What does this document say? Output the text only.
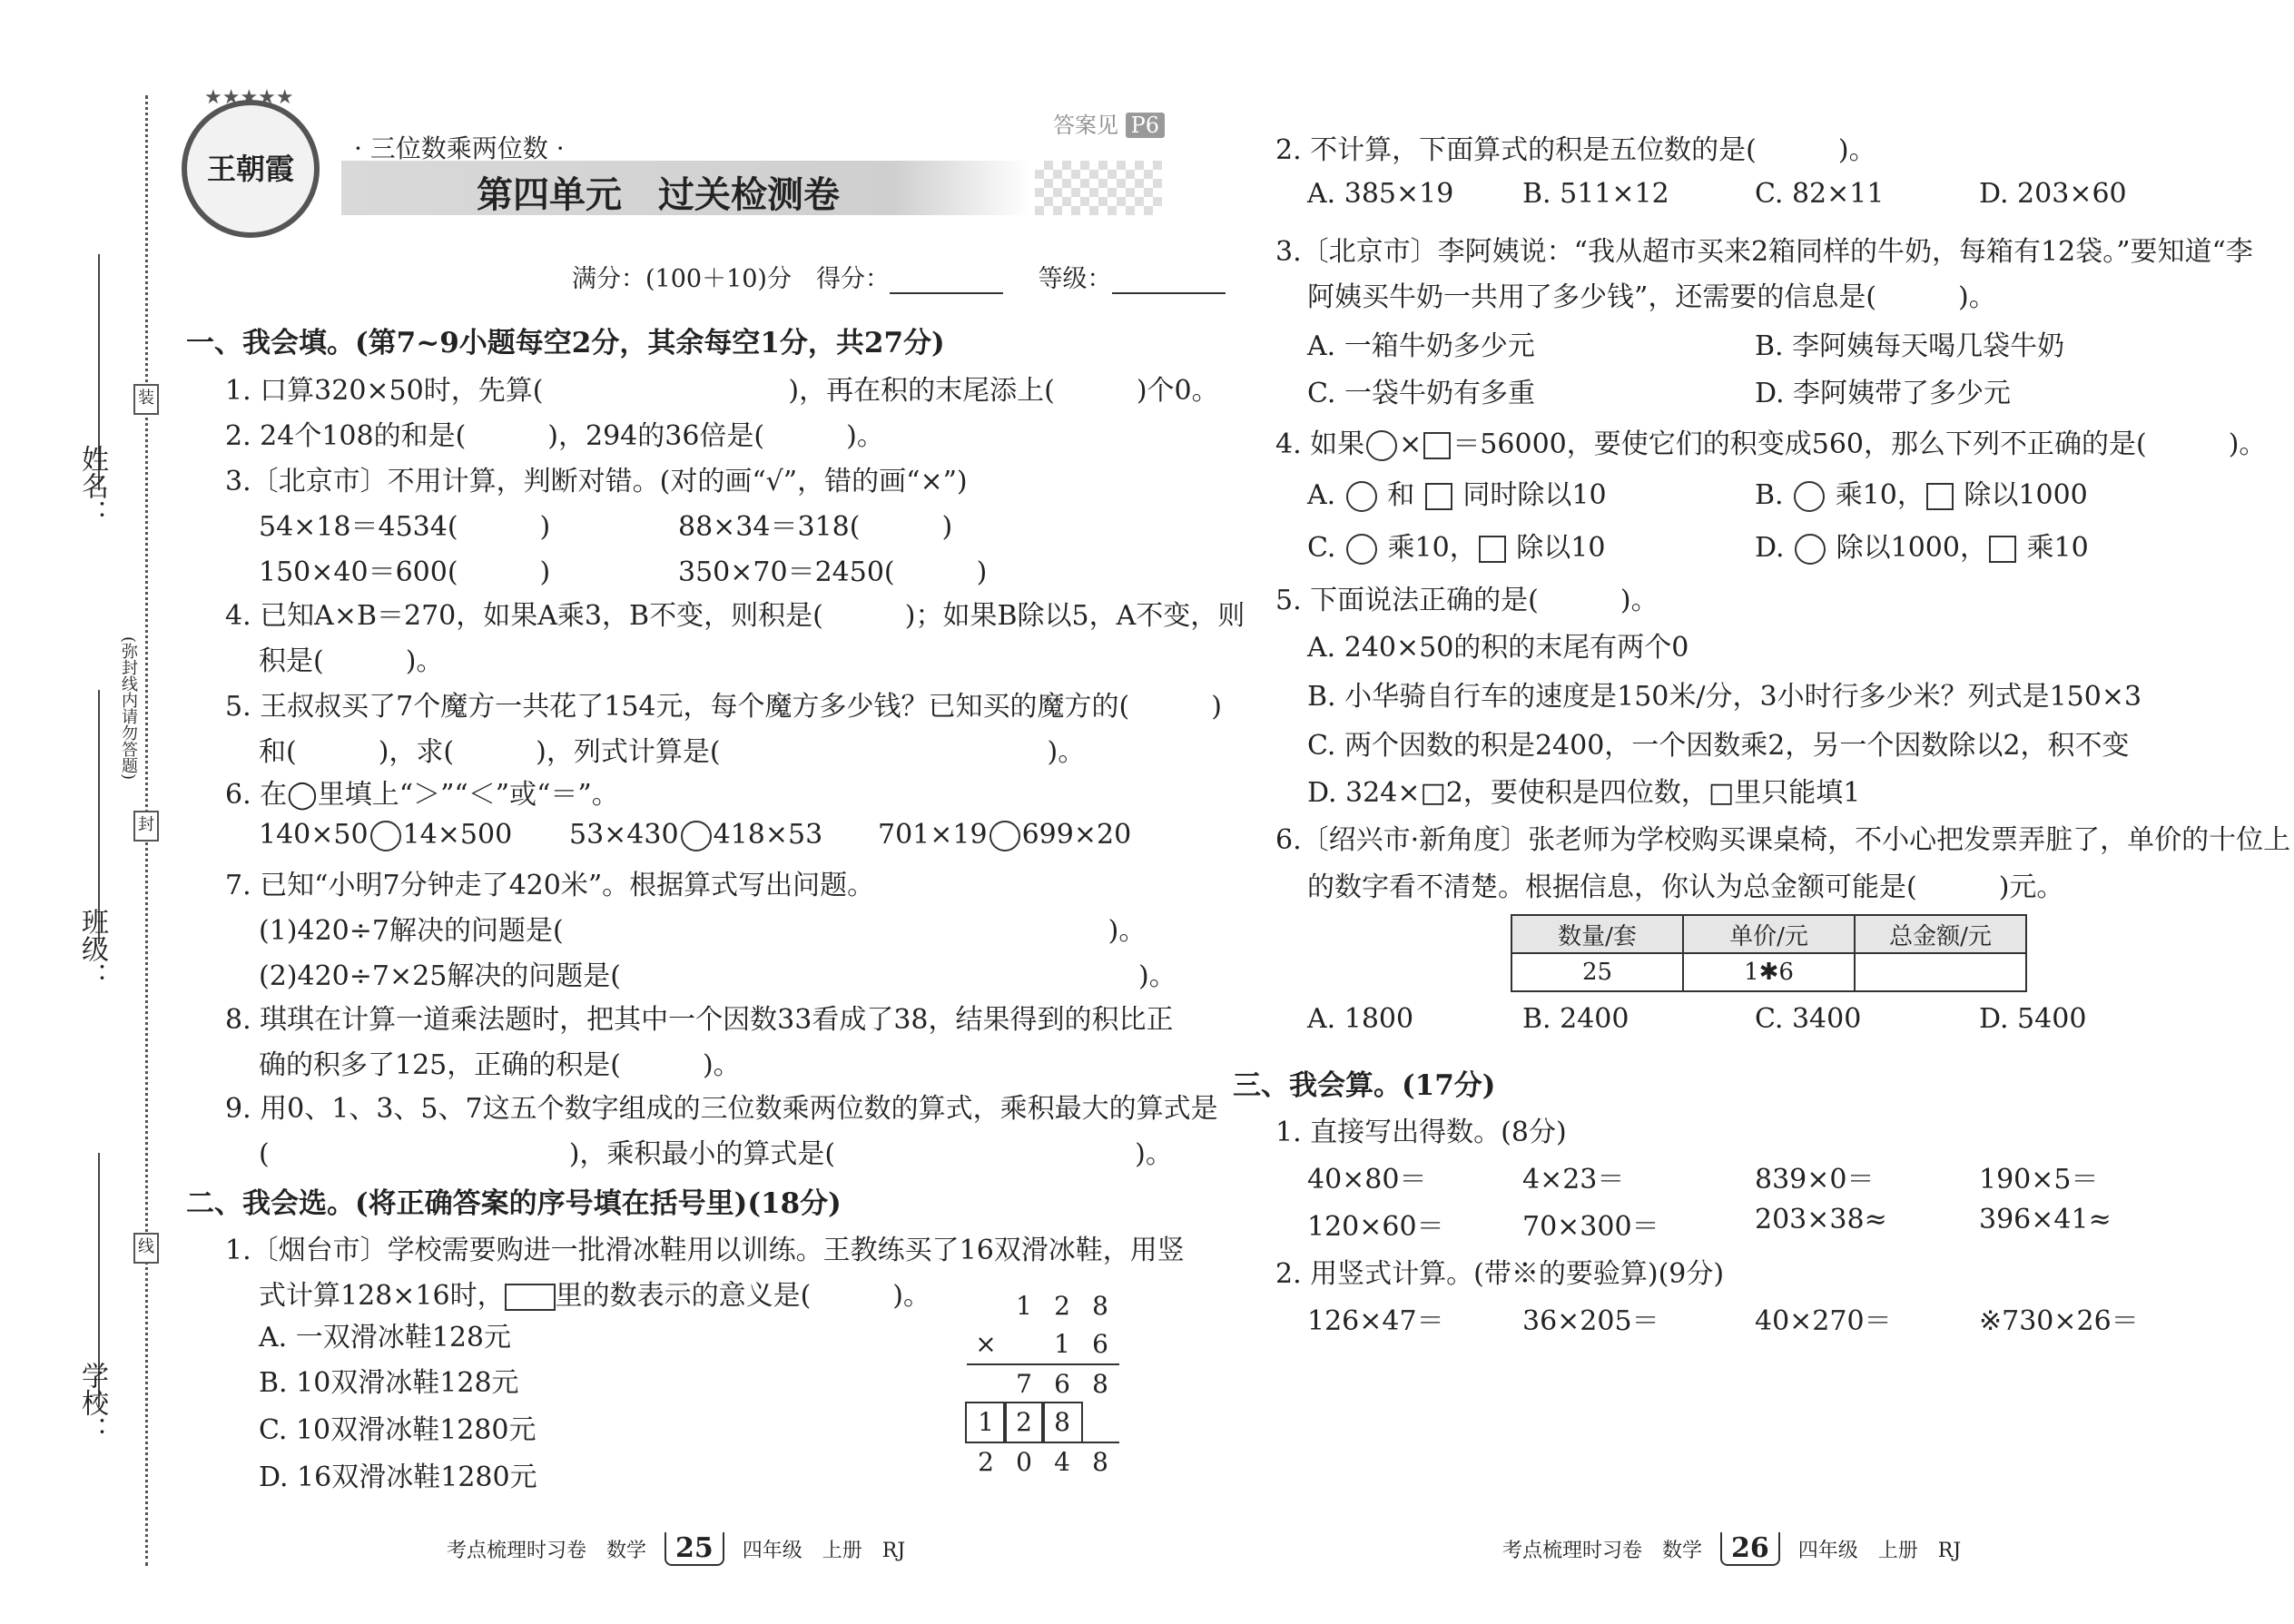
姓名：
班级：
学校：
装
(弥封线内请勿答题)
封
线
王朝霞
★★★★★
· 三位数乘两位数 ·
第四单元　过关检测卷
答案见 P6
满分：(100＋10)分　得分：	等级：
一、我会填。(第7~9小题每空2分，其余每空1分，共27分)
1. 口算320×50时，先算(　　　　　　　　　)，再在积的末尾添上(　　　)个0。
2. 24个108的和是(　　　)，294的36倍是(　　　)。
3.〔北京市〕不用计算，判断对错。(对的画“√”，错的画“×”)
54×18＝4534(　　　)	88×34＝318(　　　)
150×40＝600(　　　)	350×70＝2450(　　　)
4. 已知A×B＝270，如果A乘3，B不变，则积是(　　　)；如果B除以5，A不变，则
积是(　　　)。
5. 王叔叔买了7个魔方一共花了154元，每个魔方多少钱？已知买的魔方的(　　　)
和(　　　)，求(　　　)，列式计算是(　　　　　　　　　　　　)。
6. 在◯里填上“＞”“＜”或“＝”。
140×50 14×500 53×430 418×53 701×19 699×20
7. 已知“小明7分钟走了420米”。根据算式写出问题。
(1)420÷7解决的问题是(　　　　　　　　　　　　　　　　　　　　)。
(2)420÷7×25解决的问题是(　　　　　　　　　　　　　　　　　　　)。
8. 琪琪在计算一道乘法题时，把其中一个因数33看成了38，结果得到的积比正
确的积多了125，正确的积是(　　　)。
9. 用0、1、3、5、7这五个数字组成的三位数乘两位数的算式，乘积最大的算式是
(　　　　　　　　　　　)，乘积最小的算式是(　　　　　　　　　　　)。
二、我会选。(将正确答案的序号填在括号里)(18分)
1.〔烟台市〕学校需要购进一批滑冰鞋用以训练。王教练买了16双滑冰鞋，用竖
式计算128×16时， 里的数表示的意义是(　　　)。
A. 一双滑冰鞋128元
B. 10双滑冰鞋128元
C. 10双滑冰鞋1280元
D. 16双滑冰鞋1280元
1 2 8
× 1 6
7 6 8
1 2 8
2 0 4 8
2. 不计算，下面算式的积是五位数的是(　　　)。
A. 385×19	B. 511×12	C. 82×11	D. 203×60
3.〔北京市〕李阿姨说：“我从超市买来2箱同样的牛奶，每箱有12袋。”要知道“李
阿姨买牛奶一共用了多少钱”，还需要的信息是(　　　)。
A. 一箱牛奶多少元	B. 李阿姨每天喝几袋牛奶
C. 一袋牛奶有多重	D. 李阿姨带了多少元
4. 如果 × ＝56000，要使它们的积变成560，那么下列不正确的是(　　　)。
A. 和 同时除以10	B. 乘10， 除以1000
C. 乘10， 除以10	D. 除以1000， 乘10
5. 下面说法正确的是(　　　)。
A. 240×50的积的末尾有两个0
B. 小华骑自行车的速度是150米/分，3小时行多少米？列式是150×3
C. 两个因数的积是2400，一个因数乘2，另一个因数除以2，积不变
D. 324×□2，要使积是四位数，□里只能填1
6.〔绍兴市·新角度〕张老师为学校购买课桌椅，不小心把发票弄脏了，单价的十位上
的数字看不清楚。根据信息，你认为总金额可能是(　　　)元。
数量/套	单价/元	总金额/元
25	1✱6	
A. 1800	B. 2400	C. 3400	D. 5400
三、我会算。(17分)
1. 直接写出得数。(8分)
40×80＝	4×23＝	839×0＝	190×5＝
120×60＝	70×300＝	203×38≈	396×41≈
2. 用竖式计算。(带※的要验算)(9分)
126×47＝	36×205＝	40×270＝	※730×26＝
考点梳理时习卷　数学 25 四年级　上册　RJ	考点梳理时习卷　数学 26 四年级　上册　RJ
